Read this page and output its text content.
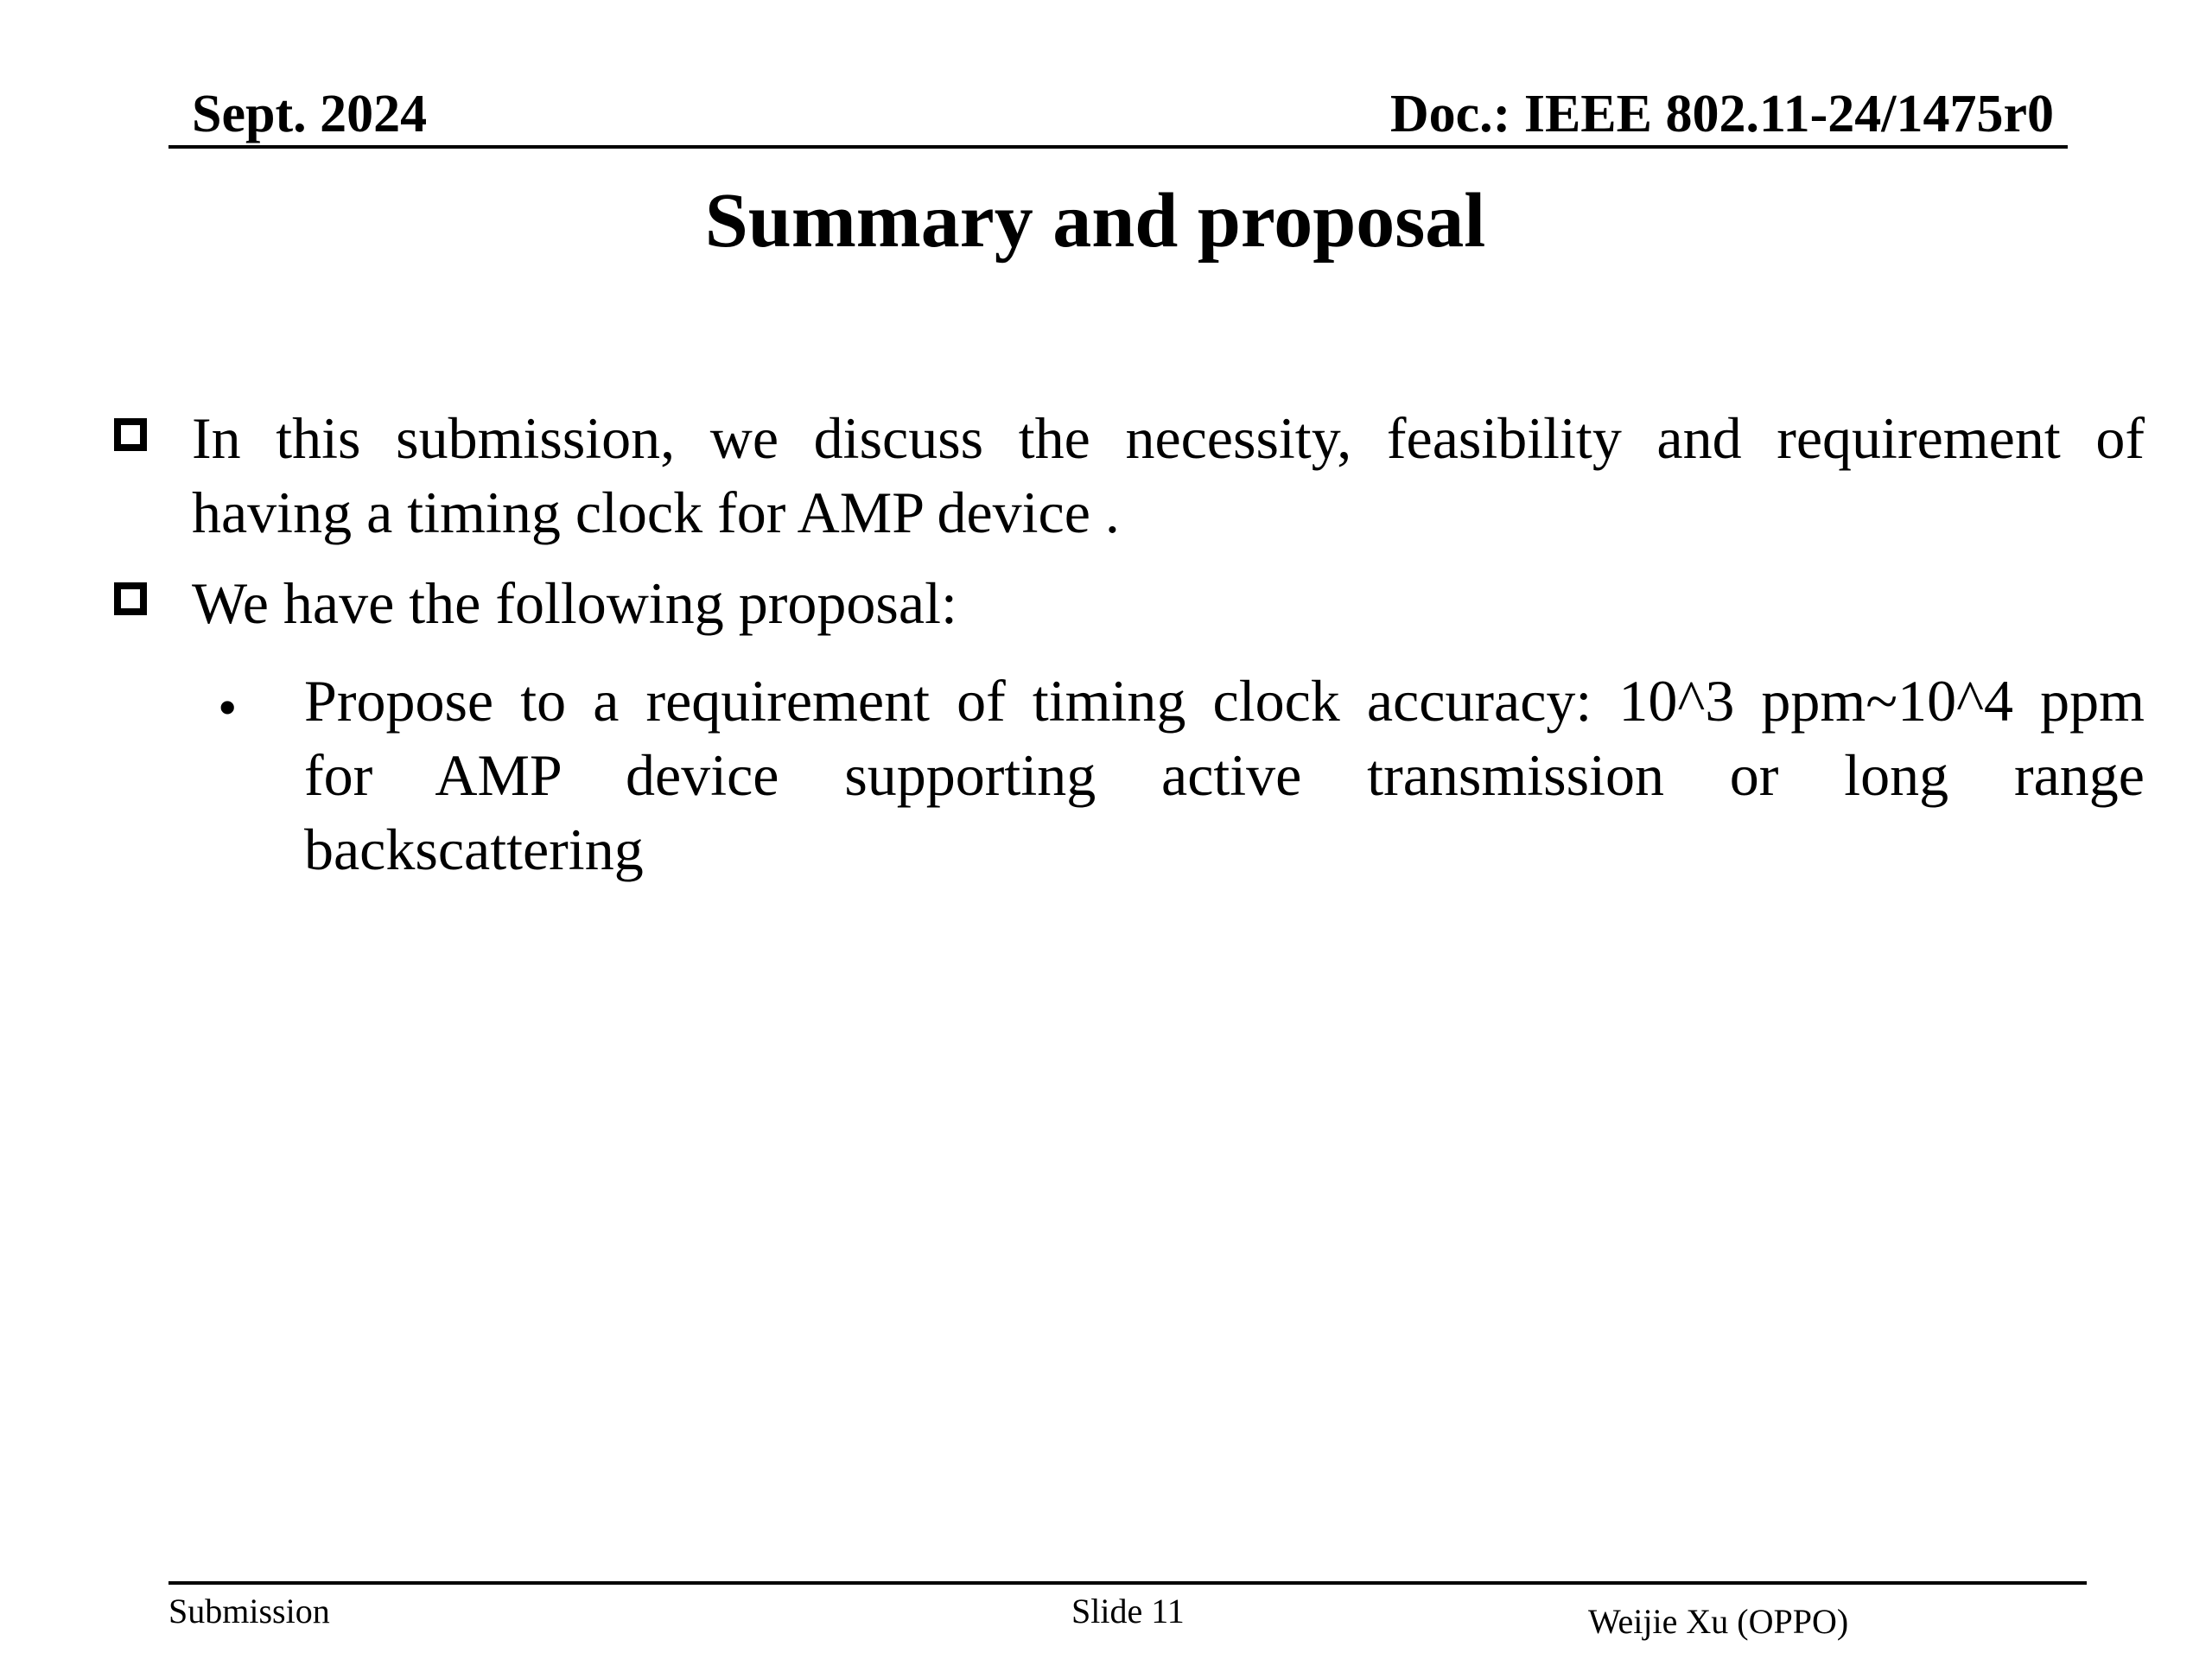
Sept. 2024	Doc.: IEEE 802.11-24/1475r0
Summary and proposal
In this submission, we discuss the necessity, feasibility and requirement of
having a timing clock for AMP device .
We have the following proposal:
• Propose to a requirement of timing clock accuracy: 10^3 ppm~10^4 ppm
for AMP device supporting active transmission or long range
backscattering
Submission	Slide 11	Weijie Xu (OPPO)
